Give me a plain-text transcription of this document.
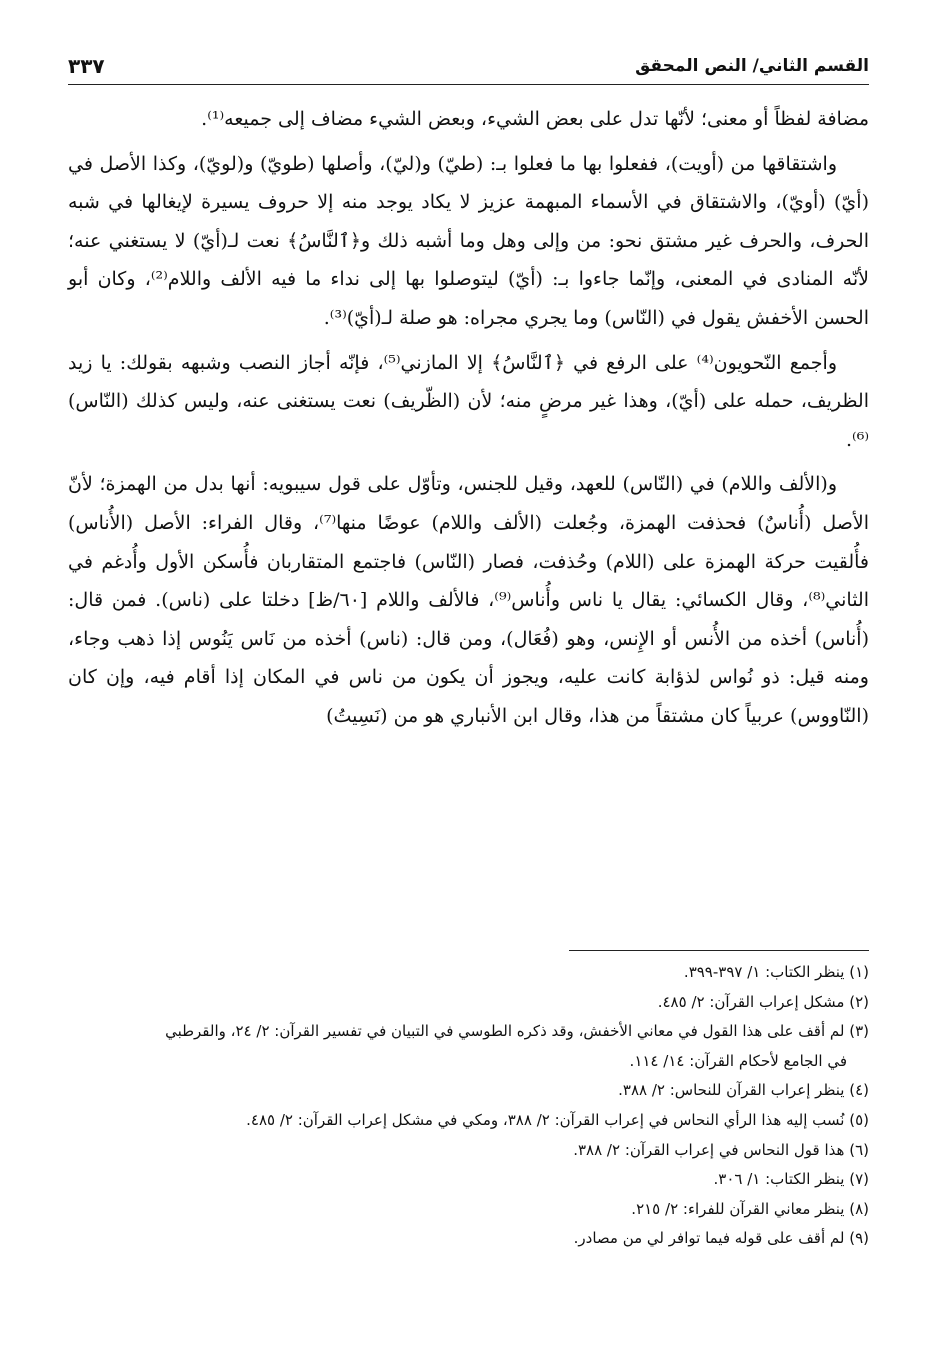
القسم الثاني/ النص المحقق
٣٣٧

مضافة لفظاً أو معنى؛ لأنّها تدل على بعض الشيء، وبعض الشيء مضاف إلى جميعه⁽¹⁾.

واشتقاقها من (أويت)، ففعلوا بها ما فعلوا بـ: (طيّ) و(ليّ)، وأصلها (طويّ) و(لويّ)، وكذا الأصل في (أيّ) (أويّ)، والاشتقاق في الأسماء المبهمة عزيز لا يكاد يوجد منه إلا حروف يسيرة لإيغالها في شبه الحرف، والحرف غير مشتق نحو: من وإلى وهل وما أشبه ذلك و﴿ٱلنَّاسُ﴾ نعت لـ(أيّ) لا يستغني عنه؛ لأنّه المنادى في المعنى، وإنّما جاءوا بـ: (أيّ) ليتوصلوا بها إلى نداء ما فيه الألف واللام⁽²⁾، وكان أبو الحسن الأخفش يقول في (النّاس) وما يجري مجراه: هو صلة لـ(أيّ)⁽³⁾.

وأجمع النّحويون⁽⁴⁾ على الرفع في ﴿ٱلنَّاسُ﴾ إلا المازني⁽⁵⁾، فإنّه أجاز النصب وشبهه بقولك: يا زيد الظريف، حمله على (أيّ)، وهذا غير مرضٍ منه؛ لأن (الظّريف) نعت يستغنى عنه، وليس كذلك (النّاس)⁽⁶⁾.

و(الألف واللام) في (النّاس) للعهد، وقيل للجنس، وتأوّل على قول سيبويه: أنها بدل من الهمزة؛ لأنّ الأصل (أُناسٌ) فحذفت الهمزة، وجُعلت (الألف واللام) عوضًا منها⁽⁷⁾، وقال الفراء: الأصل (الأُناس) فأُلقيت حركة الهمزة على (اللام) وحُذفت، فصار (النّاس) فاجتمع المتقاربان فأُسكن الأول وأُدغم في الثاني⁽⁸⁾، وقال الكسائي: يقال يا ناس وأُناس⁽⁹⁾، فالألف واللام [٦٠/ظ] دخلتا على (ناس). فمن قال: (أُناس) أخذه من الأُنس أو الإِنس، وهو (فُعَال)، ومن قال: (ناس) أخذه من نَاس يَنُوس إذا ذهب وجاء، ومنه قيل: ذو نُواس لذؤابة كانت عليه، ويجوز أن يكون من ناس في المكان إذا أقام فيه، وإن كان (النّاووس) عربياً كان مشتقاً من هذا، وقال ابن الأنباري هو من (نَسِيتُ)

(١) ينظر الكتاب: ١/ ٣٩٧-٣٩٩.
(٢) مشكل إعراب القرآن: ٢/ ٤٨٥.
(٣) لم أقف على هذا القول في معاني الأخفش، وقد ذكره الطوسي في التبيان في تفسير القرآن: ٢/ ٢٤، والقرطبي
في الجامع لأحكام القرآن: ١٤/ ١١٤.
(٤) ينظر إعراب القرآن للنحاس: ٢/ ٣٨٨.
(٥) نُسب إليه هذا الرأي النحاس في إعراب القرآن: ٢/ ٣٨٨، ومكي في مشكل إعراب القرآن: ٢/ ٤٨٥.
(٦) هذا قول النحاس في إعراب القرآن: ٢/ ٣٨٨.
(٧) ينظر الكتاب: ١/ ٣٠٦.
(٨) ينظر معاني القرآن للفراء: ٢/ ٢١٥.
(٩) لم أقف على قوله فيما توافر لي من مصادر.
